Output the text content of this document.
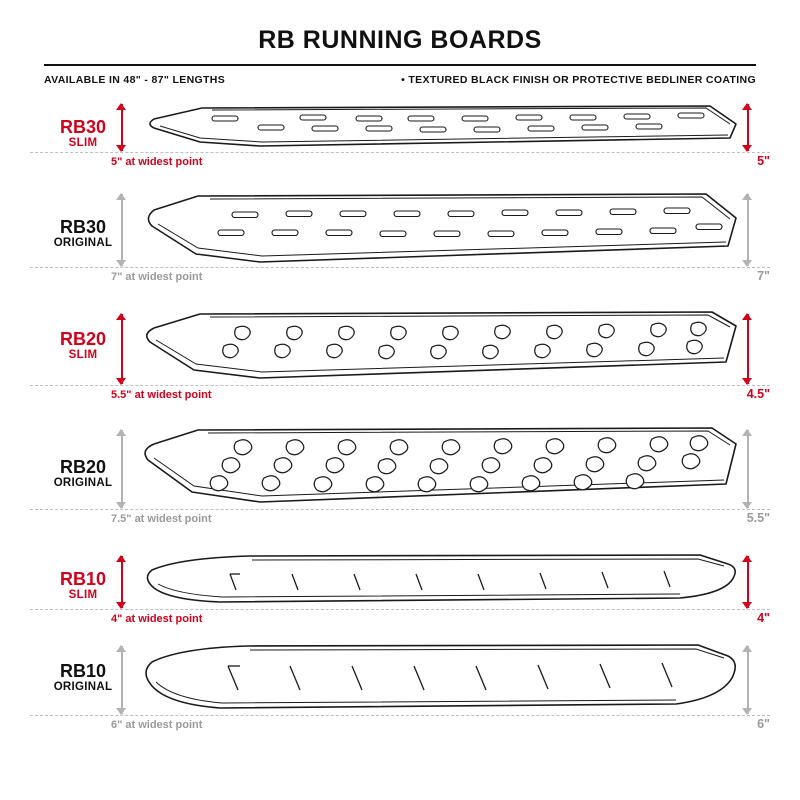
RB RUNNING BOARDS
AVAILABLE IN 48" - 87" LENGTHS	• TEXTURED BLACK FINISH OR PROTECTIVE BEDLINER COATING
RB30
SLIM
5" at widest point	5"
RB30
ORIGINAL
7" at widest point	7"
RB20
SLIM
5.5" at widest point	4.5"
RB20
ORIGINAL
7.5" at widest point	5.5"
RB10
SLIM
4" at widest point	4"
RB10
ORIGINAL
6" at widest point	6"
